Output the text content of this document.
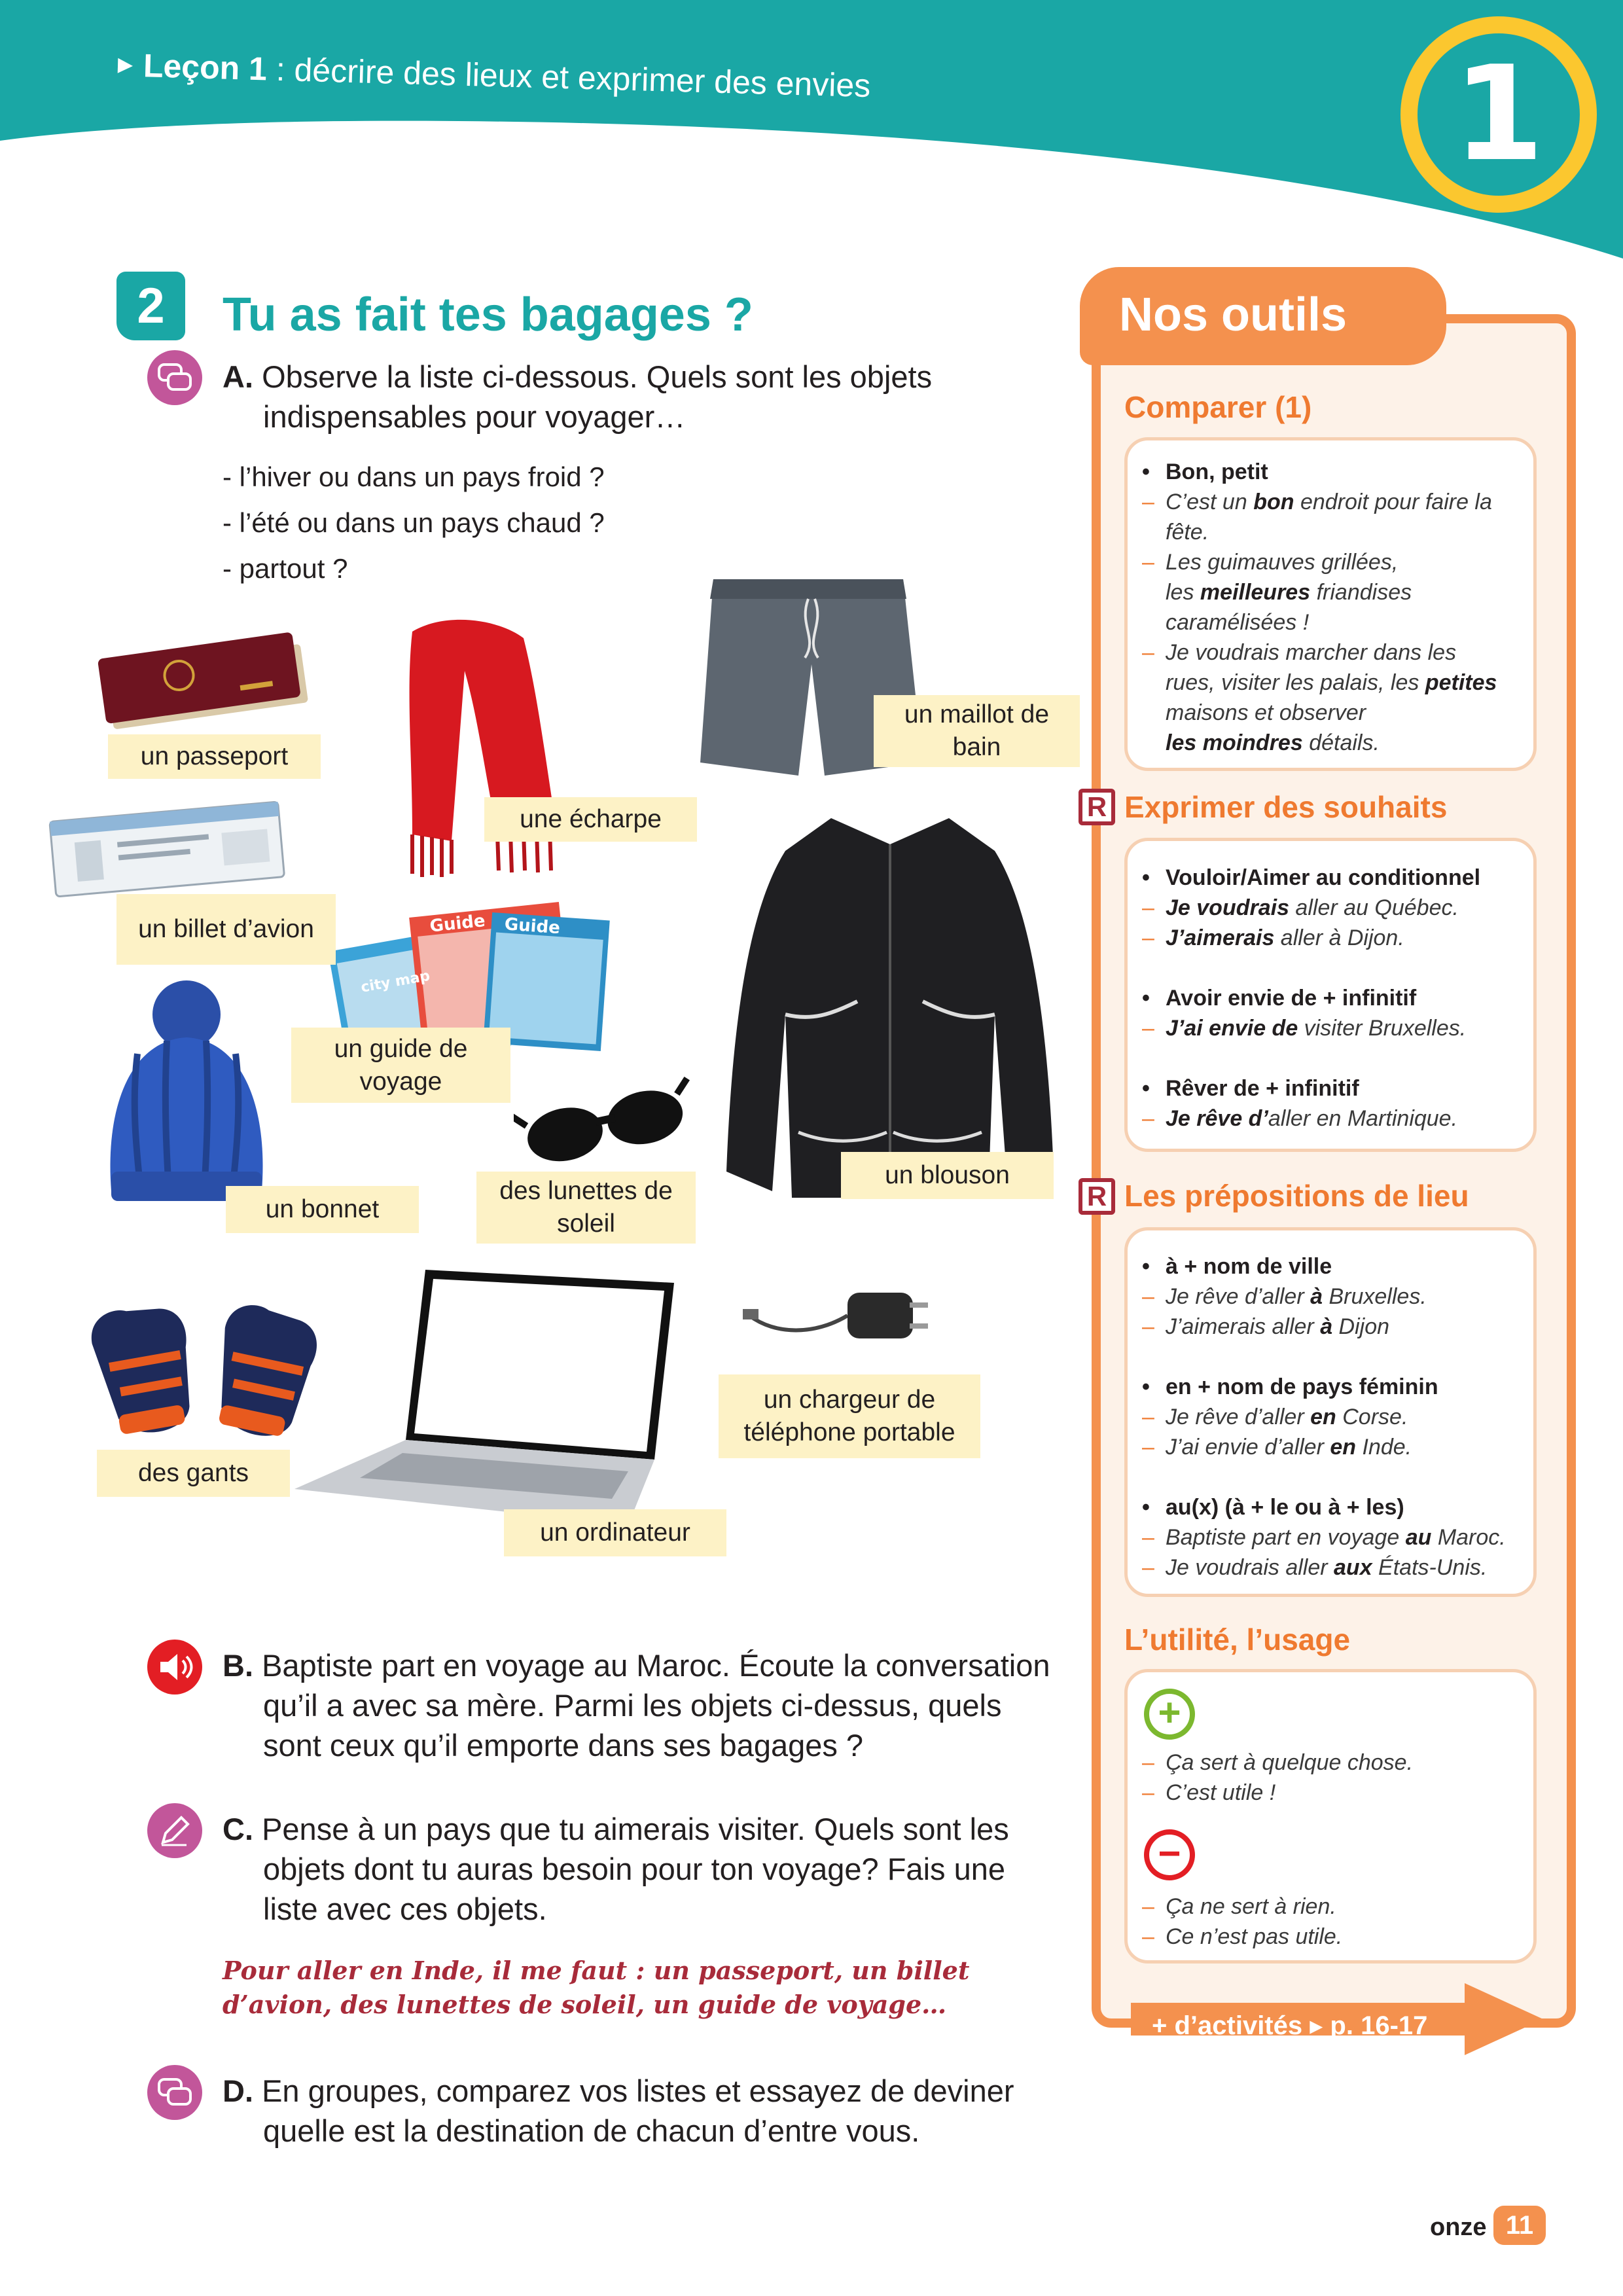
▶ Leçon 1 : décrire des lieux et exprimer des envies	1
2	Tu as fait tes bagages ?
A. Observe la liste ci-dessous. Quels sont les objets
indispensables pour voyager…
- l’hiver ou dans un pays froid ?
- l’été ou dans un pays chaud ?
- partout ?
Guide Guide
city map
un passeport
une écharpe
un maillot de
bain
un billet d’avion
un guide de
voyage
un bonnet
des lunettes de
soleil
un blouson
des gants
un chargeur de
téléphone portable
un ordinateur
B. Baptiste part en voyage au Maroc. Écoute la conversation
qu’il a avec sa mère. Parmi les objets ci-dessus, quels
sont ceux qu’il emporte dans ses bagages ?
C. Pense à un pays que tu aimerais visiter. Quels sont les
objets dont tu auras besoin pour ton voyage? Fais une
liste avec ces objets.
Pour aller en Inde, il me faut : un passeport, un billet
d’avion, des lunettes de soleil, un guide de voyage…
D. En groupes, comparez vos listes et essayez de deviner
quelle est la destination de chacun d’entre vous.
Nos outils
Comparer (1)
• Bon, petit
– C’est un bon endroit pour faire la
fête.
– Les guimauves grillées,
les meilleures friandises
caramélisées !
– Je voudrais marcher dans les
rues, visiter les palais, les petites
maisons et observer
les moindres détails.
R Exprimer des souhaits
• Vouloir/Aimer au conditionnel
– Je voudrais aller au Québec.
– J’aimerais aller à Dijon.
• Avoir envie de + infinitif
– J’ai envie de visiter Bruxelles.
• Rêver de + infinitif
– Je rêve d’aller en Martinique.
R Les prépositions de lieu
• à + nom de ville
– Je rêve d’aller à Bruxelles.
– J’aimerais aller à Dijon
• en + nom de pays féminin
– Je rêve d’aller en Corse.
– J’ai envie d’aller en Inde.
• au(x) (à + le ou à + les)
– Baptiste part en voyage au Maroc.
– Je voudrais aller aux États-Unis.
L’utilité, l’usage
+
– Ça sert à quelque chose.
– C’est utile !
−
– Ça ne sert à rien.
– Ce n’est pas utile.
+ d’activités ▸ p. 16-17
onze 11
